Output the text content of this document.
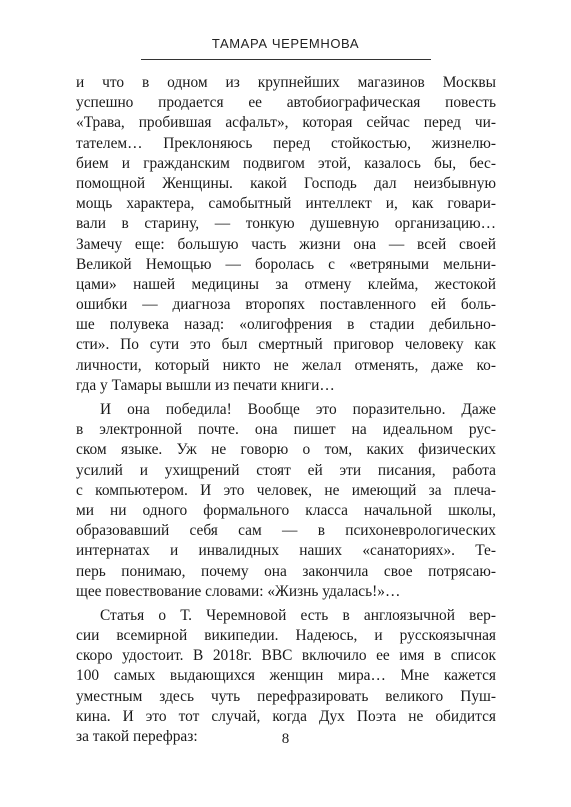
ТАМАРА ЧЕРЕМНОВА
и что в одном из крупнейших магазинов Москвы
успешно продается ее автобиографическая повесть
«Трава, пробившая асфальт», которая сейчас перед чи-
тателем… Преклоняюсь перед стойкостью, жизнелю-
бием и гражданским подвигом этой, казалось бы, бес-
помощной Женщины. какой Господь дал неизбывную
мощь характера, самобытный интеллект и, как говари-
вали в старину, — тонкую душевную организацию…
Замечу еще: большую часть жизни она — всей своей
Великой Немощью — боролась с «ветряными мельни-
цами» нашей медицины за отмену клейма, жестокой
ошибки — диагноза второпях поставленного ей боль-
ше полувека назад: «олигофрения в стадии дебильно-
сти». По сути это был смертный приговор человеку как
личности, который никто не желал отменять, даже ко-
гда у Тамары вышли из печати книги…
И она победила! Вообще это поразительно. Даже
в электронной почте. она пишет на идеальном рус-
ском языке. Уж не говорю о том, каких физических
усилий и ухищрений стоят ей эти писания, работа
с компьютером. И это человек, не имеющий за плеча-
ми ни одного формального класса начальной школы,
образовавший себя сам — в психоневрологических
интернатах и инвалидных наших «санаториях». Те-
перь понимаю, почему она закончила свое потрясаю-
щее повествование словами: «Жизнь удалась!»…
Статья о Т. Черемновой есть в англоязычной вер-
сии всемирной википедии. Надеюсь, и русскоязычная
скоро удостоит. В 2018г. BBC включило ее имя в список
100 самых выдающихся женщин мира… Мне кажется
уместным здесь чуть перефразировать великого Пуш-
кина. И это тот случай, когда Дух Поэта не обидится
за такой перефраз:	8
